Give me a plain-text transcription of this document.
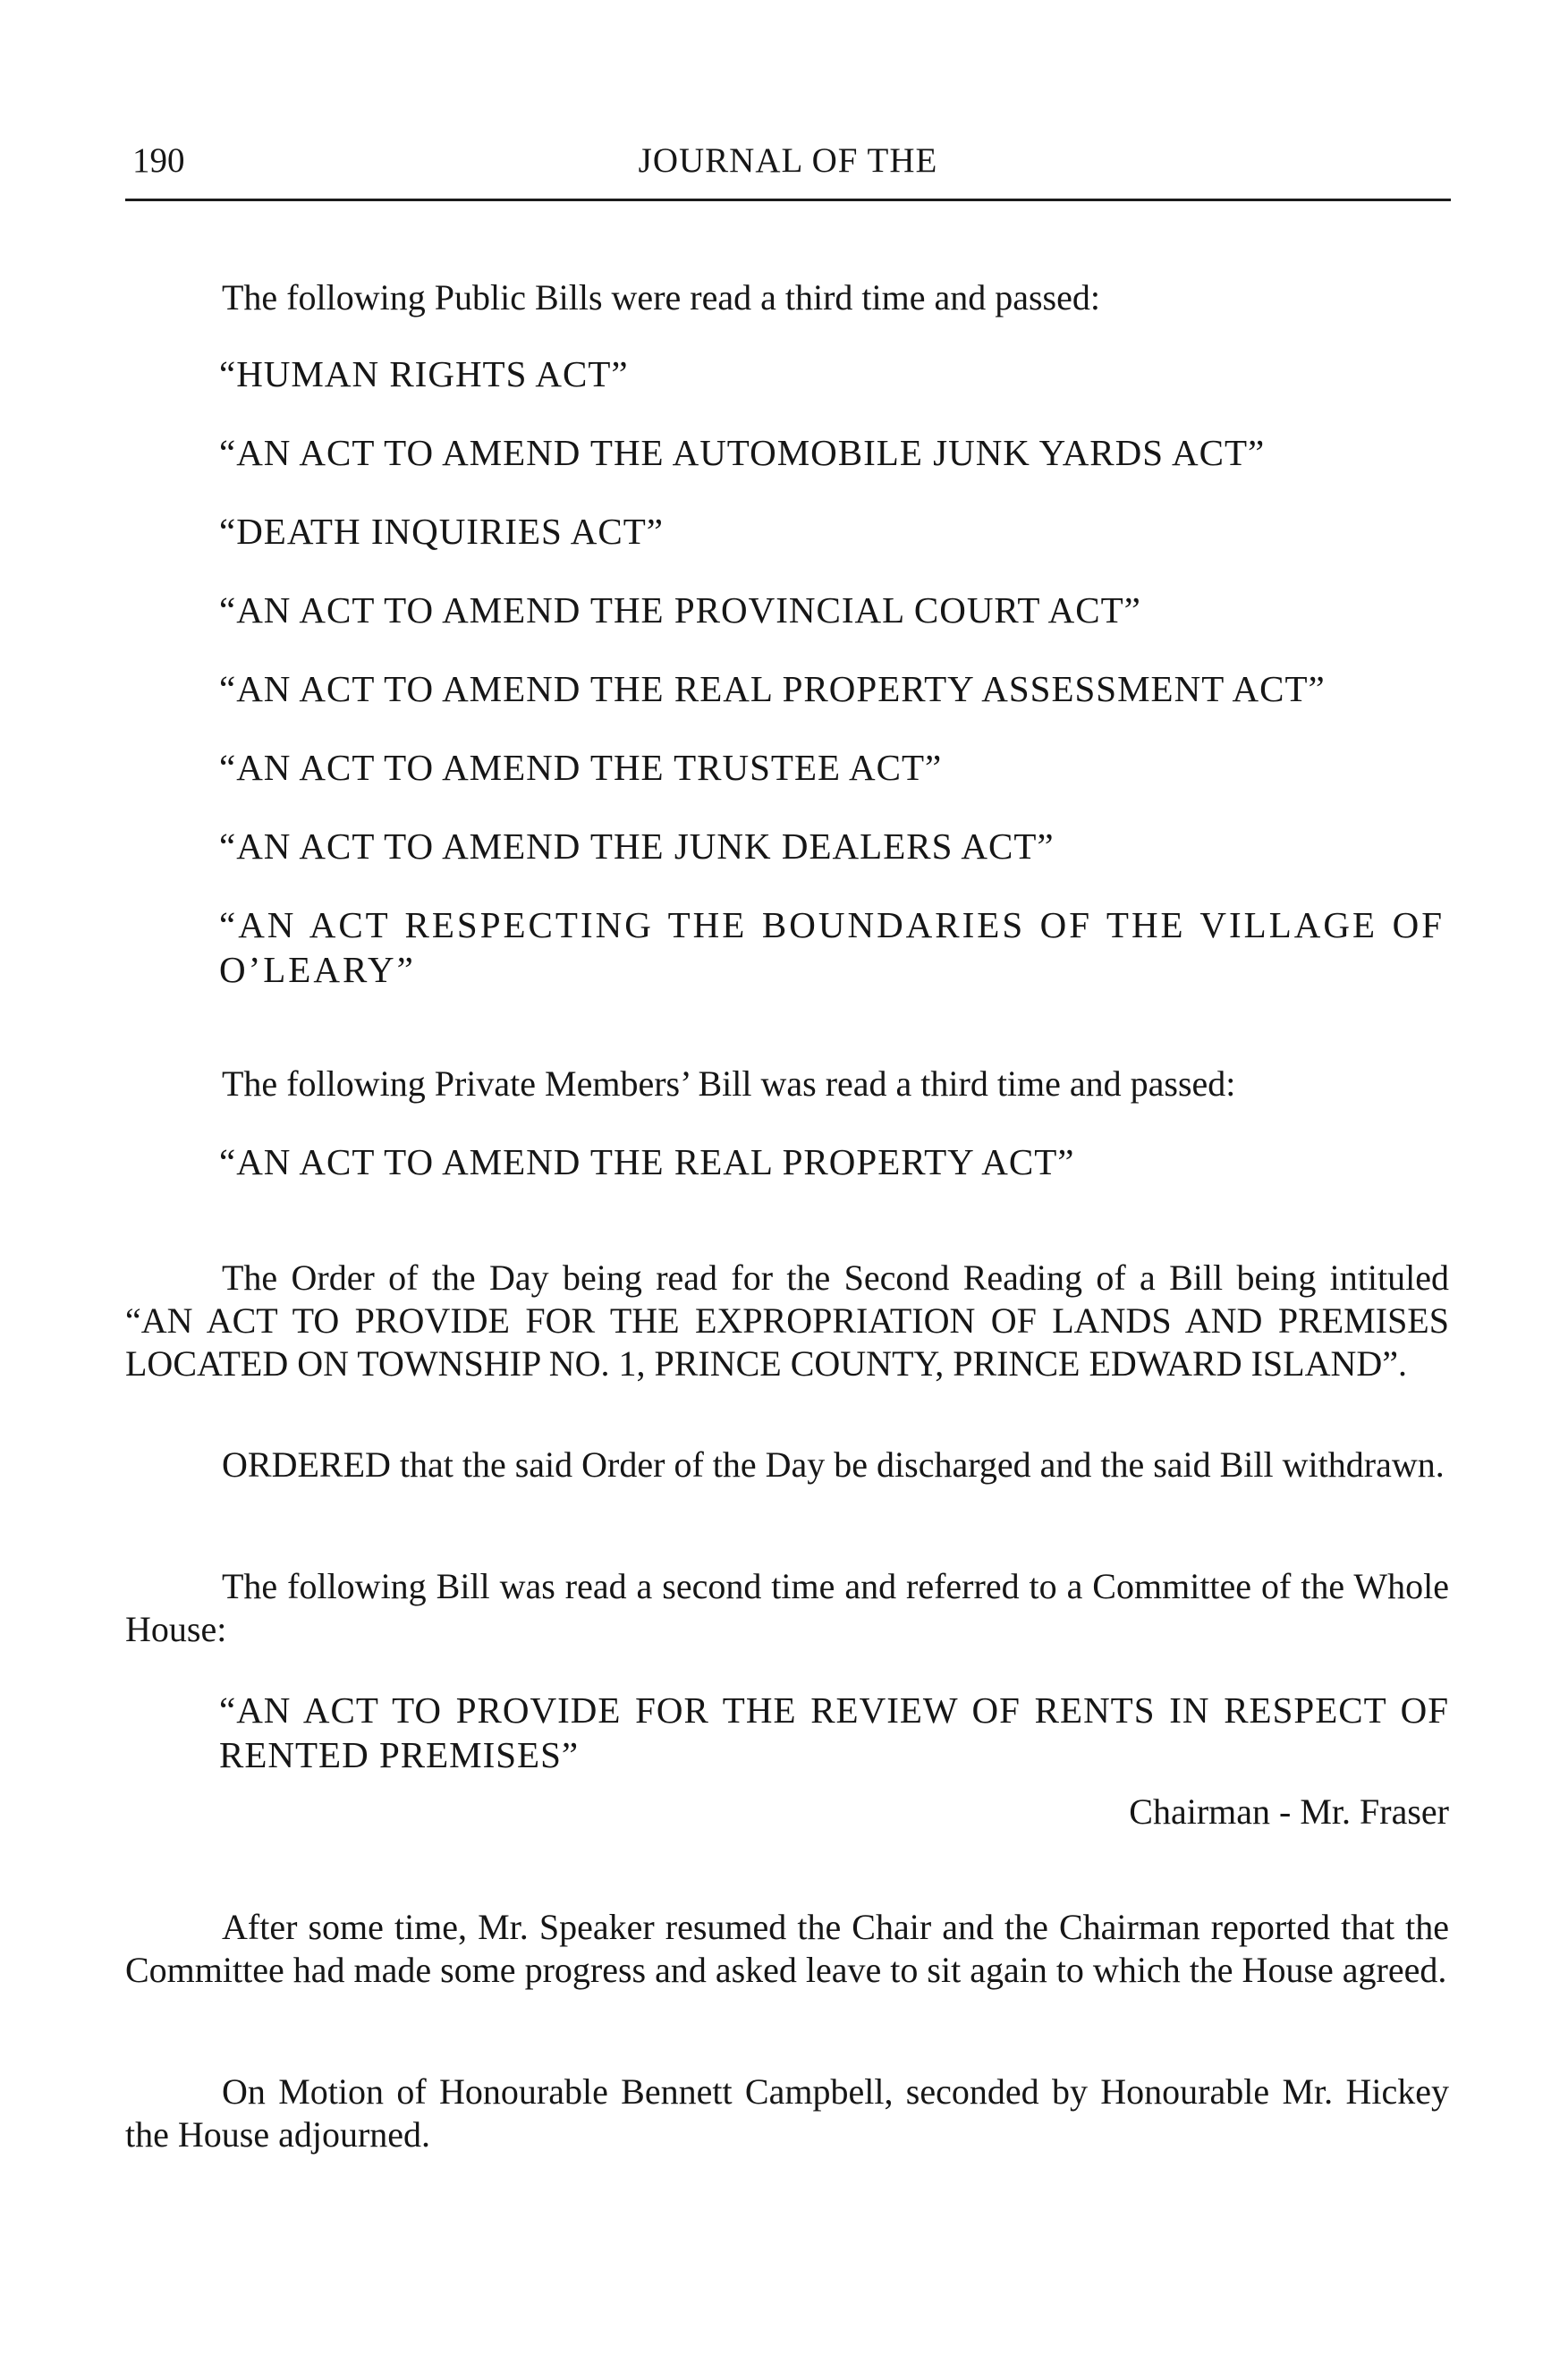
190	JOURNAL OF THE

The following Public Bills were read a third time and passed:

“HUMAN RIGHTS ACT”

“AN ACT TO AMEND THE AUTOMOBILE JUNK YARDS ACT”

“DEATH INQUIRIES ACT”

“AN ACT TO AMEND THE PROVINCIAL COURT ACT”

“AN ACT TO AMEND THE REAL PROPERTY ASSESSMENT ACT”

“AN ACT TO AMEND THE TRUSTEE ACT”

“AN ACT TO AMEND THE JUNK DEALERS ACT”

“AN ACT RESPECTING THE BOUNDARIES OF THE VILLAGE OF O’LEARY”

The following Private Members’ Bill was read a third time and passed:

“AN ACT TO AMEND THE REAL PROPERTY ACT”

The Order of the Day being read for the Second Reading of a Bill being intituled “AN ACT TO PROVIDE FOR THE EXPROPRIATION OF LANDS AND PREMISES LOCATED ON TOWNSHIP NO. 1, PRINCE COUNTY, PRINCE EDWARD ISLAND”.

ORDERED that the said Order of the Day be discharged and the said Bill withdrawn.

The following Bill was read a second time and referred to a Committee of the Whole House:

“AN ACT TO PROVIDE FOR THE REVIEW OF RENTS IN RESPECT OF RENTED PREMISES”

Chairman - Mr. Fraser

After some time, Mr. Speaker resumed the Chair and the Chairman reported that the Committee had made some progress and asked leave to sit again to which the House agreed.

On Motion of Honourable Bennett Campbell, seconded by Honourable Mr. Hickey the House adjourned.
